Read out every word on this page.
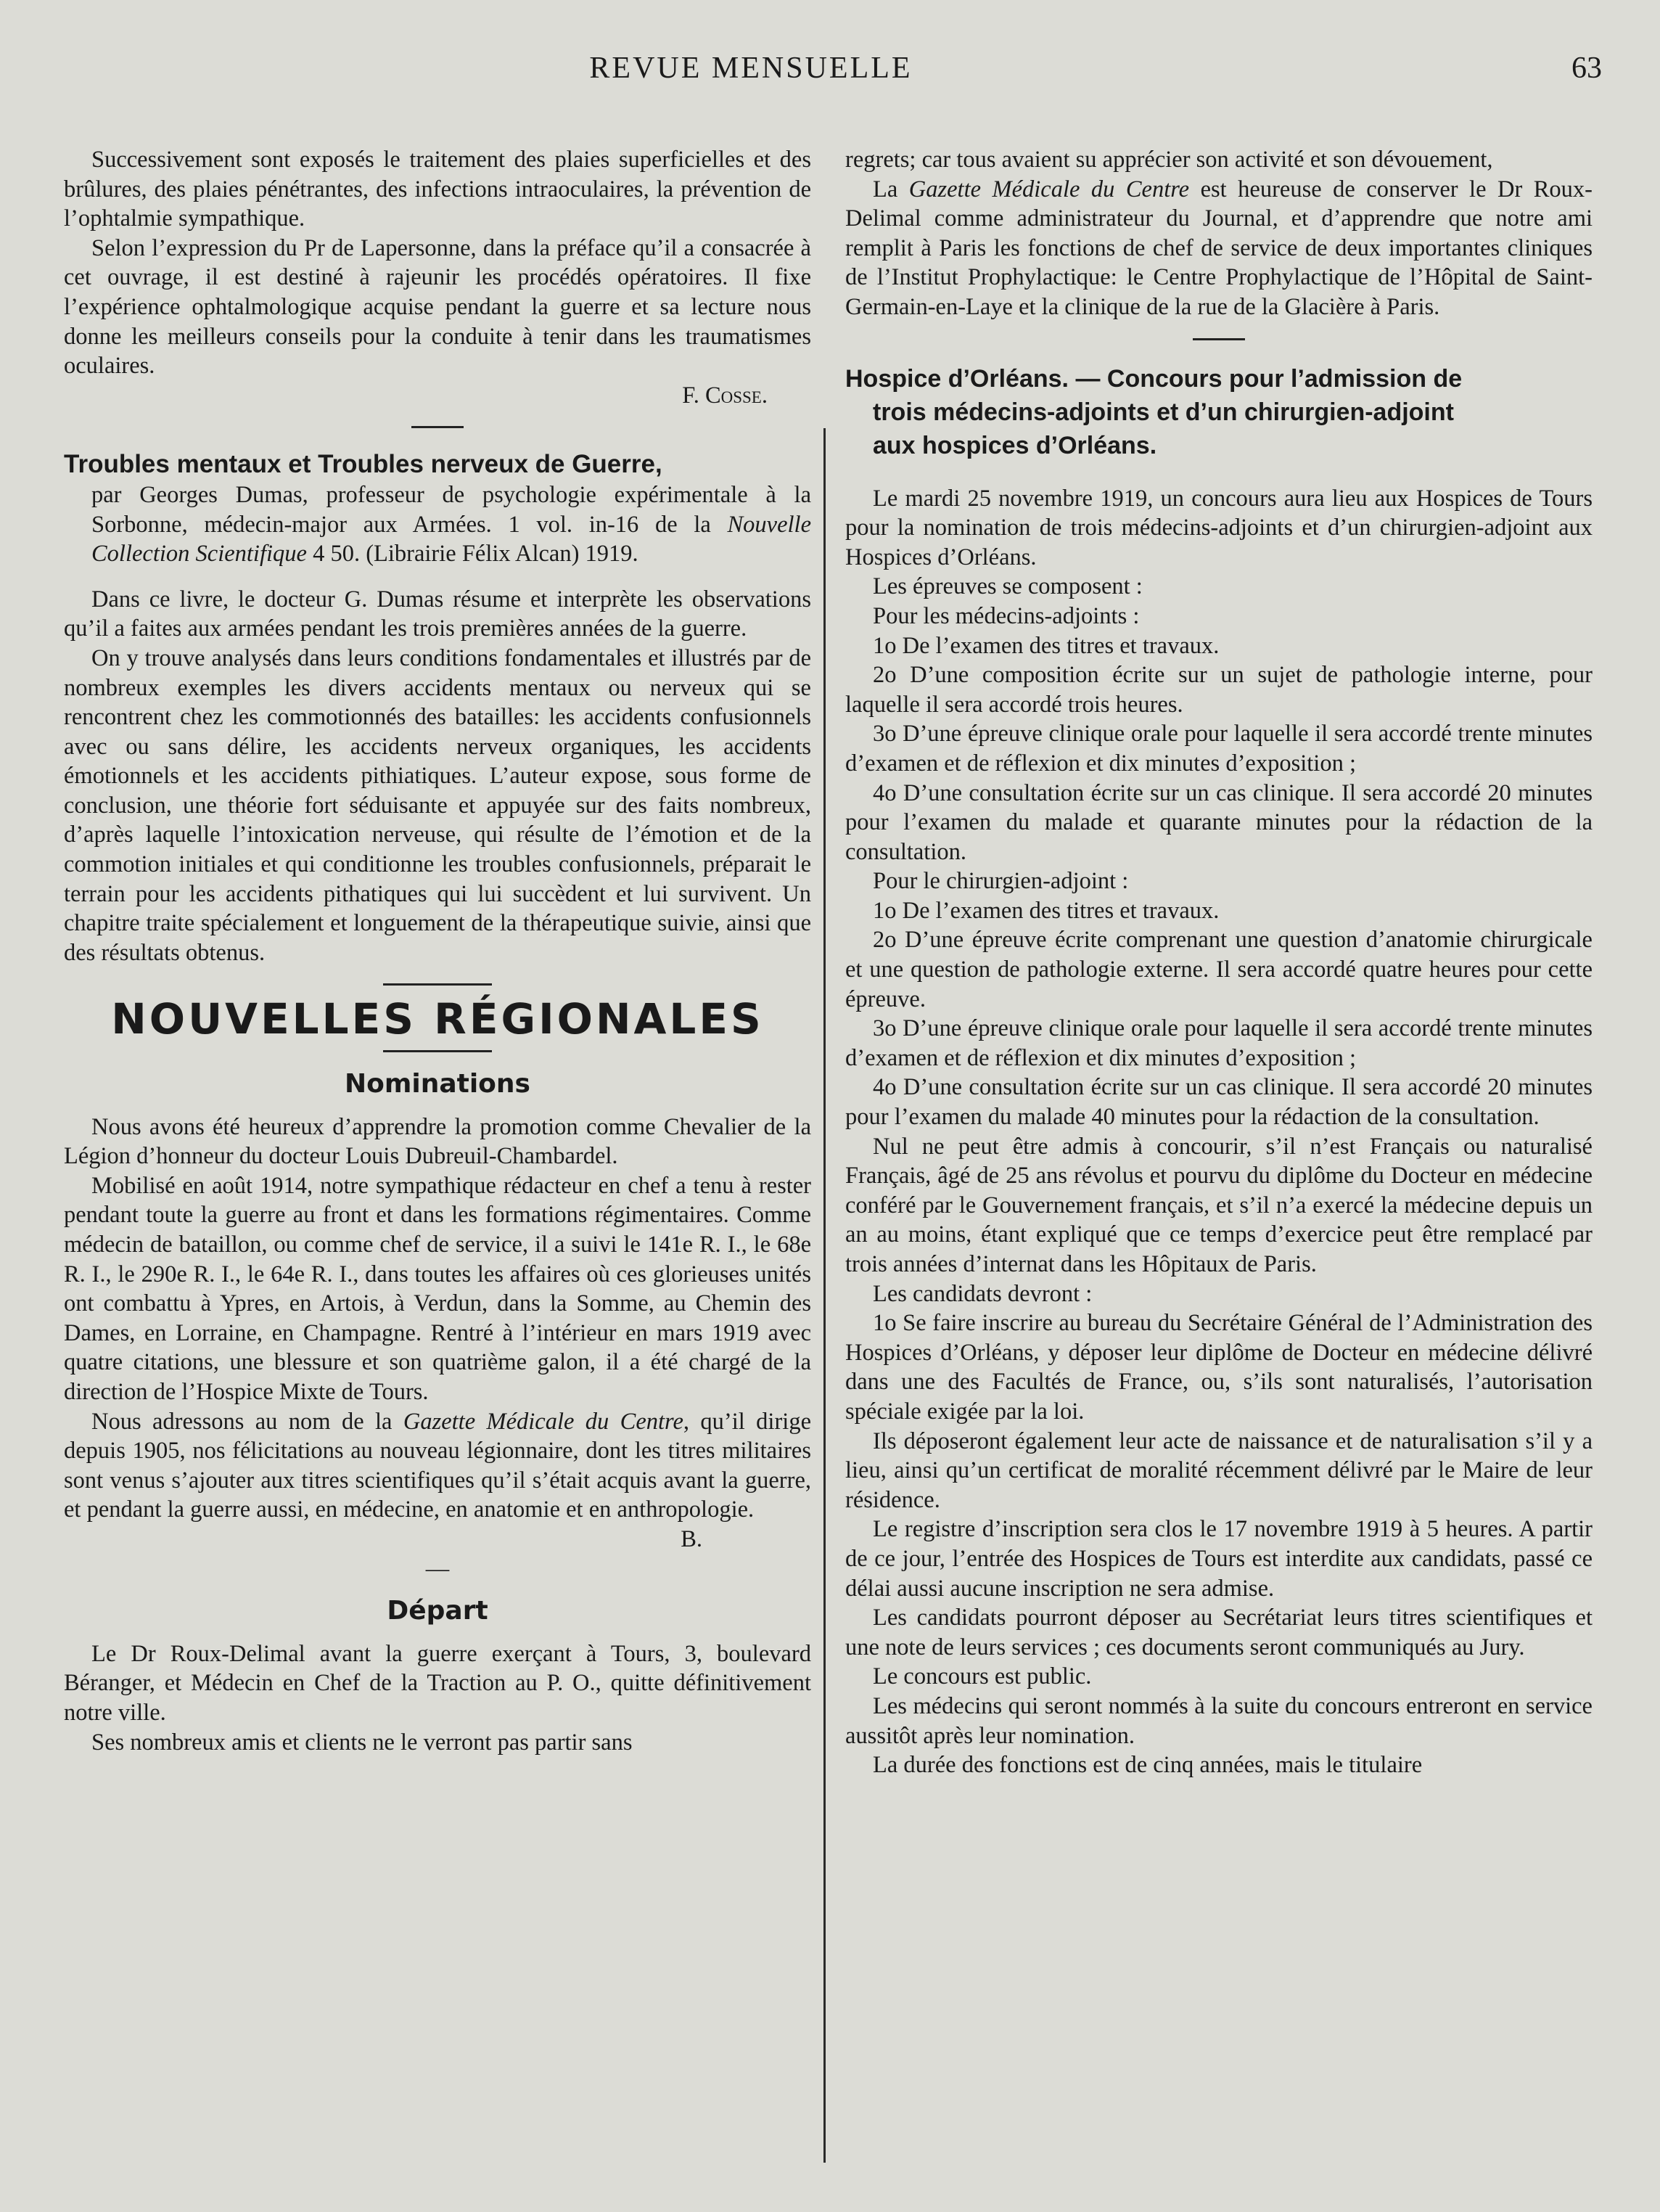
REVUE MENSUELLE	63

Successivement sont exposés le traitement des plaies superficielles et des brûlures, des plaies pénétrantes, des infections intraoculaires, la prévention de l’ophtalmie sympathique.

Selon l’expression du Pr de Lapersonne, dans la préface qu’il a consacrée à cet ouvrage, il est destiné à rajeunir les procédés opératoires. Il fixe l’expérience ophtalmologique acquise pendant la guerre et sa lecture nous donne les meilleurs conseils pour la conduite à tenir dans les traumatismes oculaires.

F. Cosse.

Troubles mentaux et Troubles nerveux de Guerre,
par Georges Dumas, professeur de psychologie expérimentale à la Sorbonne, médecin-major aux Armées. 1 vol. in-16 de la Nouvelle Collection Scientifique 4 50. (Librairie Félix Alcan) 1919.

Dans ce livre, le docteur G. Dumas résume et interprète les observations qu’il a faites aux armées pendant les trois premières années de la guerre.

On y trouve analysés dans leurs conditions fondamentales et illustrés par de nombreux exemples les divers accidents mentaux ou nerveux qui se rencontrent chez les commotionnés des batailles: les accidents confusionnels avec ou sans délire, les accidents nerveux organiques, les accidents émotionnels et les accidents pithiatiques. L’auteur expose, sous forme de conclusion, une théorie fort séduisante et appuyée sur des faits nombreux, d’après laquelle l’intoxication nerveuse, qui résulte de l’émotion et de la commotion initiales et qui conditionne les troubles confusionnels, préparait le terrain pour les accidents pithatiques qui lui succèdent et lui survivent. Un chapitre traite spécialement et longuement de la thérapeutique suivie, ainsi que des résultats obtenus.

NOUVELLES RÉGIONALES
Nominations

Nous avons été heureux d’apprendre la promotion comme Chevalier de la Légion d’honneur du docteur Louis Dubreuil-Chambardel.

Mobilisé en août 1914, notre sympathique rédacteur en chef a tenu à rester pendant toute la guerre au front et dans les formations régimentaires. Comme médecin de bataillon, ou comme chef de service, il a suivi le 141e R. I., le 68e R. I., le 290e R. I., le 64e R. I., dans toutes les affaires où ces glorieuses unités ont combattu à Ypres, en Artois, à Verdun, dans la Somme, au Chemin des Dames, en Lorraine, en Champagne. Rentré à l’intérieur en mars 1919 avec quatre citations, une blessure et son quatrième galon, il a été chargé de la direction de l’Hospice Mixte de Tours.

Nous adressons au nom de la Gazette Médicale du Centre, qu’il dirige depuis 1905, nos félicitations au nouveau légionnaire, dont les titres militaires sont venus s’ajouter aux titres scientifiques qu’il s’était acquis avant la guerre, et pendant la guerre aussi, en médecine, en anatomie et en anthropologie.

B.

—

Départ

Le Dr Roux-Delimal avant la guerre exerçant à Tours, 3, boulevard Béranger, et Médecin en Chef de la Traction au P. O., quitte définitivement notre ville.

Ses nombreux amis et clients ne le verront pas partir sans

regrets; car tous avaient su apprécier son activité et son dévouement,

La Gazette Médicale du Centre est heureuse de conserver le Dr Roux-Delimal comme administrateur du Journal, et d’apprendre que notre ami remplit à Paris les fonctions de chef de service de deux importantes cliniques de l’Institut Prophylactique: le Centre Prophylactique de l’Hôpital de Saint-Germain-en-Laye et la clinique de la rue de la Glacière à Paris.

Hospice d’Orléans. — Concours pour l’admission de
trois médecins-adjoints et d’un chirurgien-adjoint
aux hospices d’Orléans.

Le mardi 25 novembre 1919, un concours aura lieu aux Hospices de Tours pour la nomination de trois médecins-adjoints et d’un chirurgien-adjoint aux Hospices d’Orléans.

Les épreuves se composent :

Pour les médecins-adjoints :

1o De l’examen des titres et travaux.

2o D’une composition écrite sur un sujet de pathologie interne, pour laquelle il sera accordé trois heures.

3o D’une épreuve clinique orale pour laquelle il sera accordé trente minutes d’examen et de réflexion et dix minutes d’exposition ;

4o D’une consultation écrite sur un cas clinique. Il sera accordé 20 minutes pour l’examen du malade et quarante minutes pour la rédaction de la consultation.

Pour le chirurgien-adjoint :

1o De l’examen des titres et travaux.

2o D’une épreuve écrite comprenant une question d’anatomie chirurgicale et une question de pathologie externe. Il sera accordé quatre heures pour cette épreuve.

3o D’une épreuve clinique orale pour laquelle il sera accordé trente minutes d’examen et de réflexion et dix minutes d’exposition ;

4o D’une consultation écrite sur un cas clinique. Il sera accordé 20 minutes pour l’examen du malade 40 minutes pour la rédaction de la consultation.

Nul ne peut être admis à concourir, s’il n’est Français ou naturalisé Français, âgé de 25 ans révolus et pourvu du diplôme du Docteur en médecine conféré par le Gouvernement français, et s’il n’a exercé la médecine depuis un an au moins, étant expliqué que ce temps d’exercice peut être remplacé par trois années d’internat dans les Hôpitaux de Paris.

Les candidats devront :

1o Se faire inscrire au bureau du Secrétaire Général de l’Administration des Hospices d’Orléans, y déposer leur diplôme de Docteur en médecine délivré dans une des Facultés de France, ou, s’ils sont naturalisés, l’autorisation spéciale exigée par la loi.

Ils déposeront également leur acte de naissance et de naturalisation s’il y a lieu, ainsi qu’un certificat de moralité récemment délivré par le Maire de leur résidence.

Le registre d’inscription sera clos le 17 novembre 1919 à 5 heures. A partir de ce jour, l’entrée des Hospices de Tours est interdite aux candidats, passé ce délai aussi aucune inscription ne sera admise.

Les candidats pourront déposer au Secrétariat leurs titres scientifiques et une note de leurs services ; ces documents seront communiqués au Jury.

Le concours est public.

Les médecins qui seront nommés à la suite du concours entreront en service aussitôt après leur nomination.

La durée des fonctions est de cinq années, mais le titulaire
